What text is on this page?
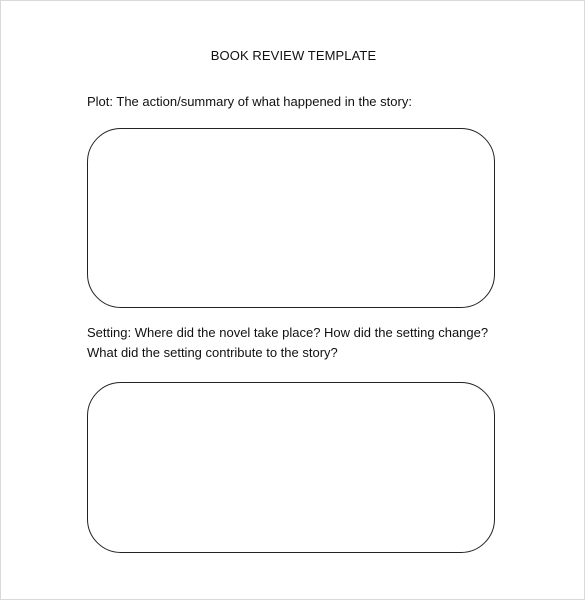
BOOK REVIEW TEMPLATE
Plot: The action/summary of what happened in the story:
Setting: Where did the novel take place? How did the setting change?
What did the setting contribute to the story?
